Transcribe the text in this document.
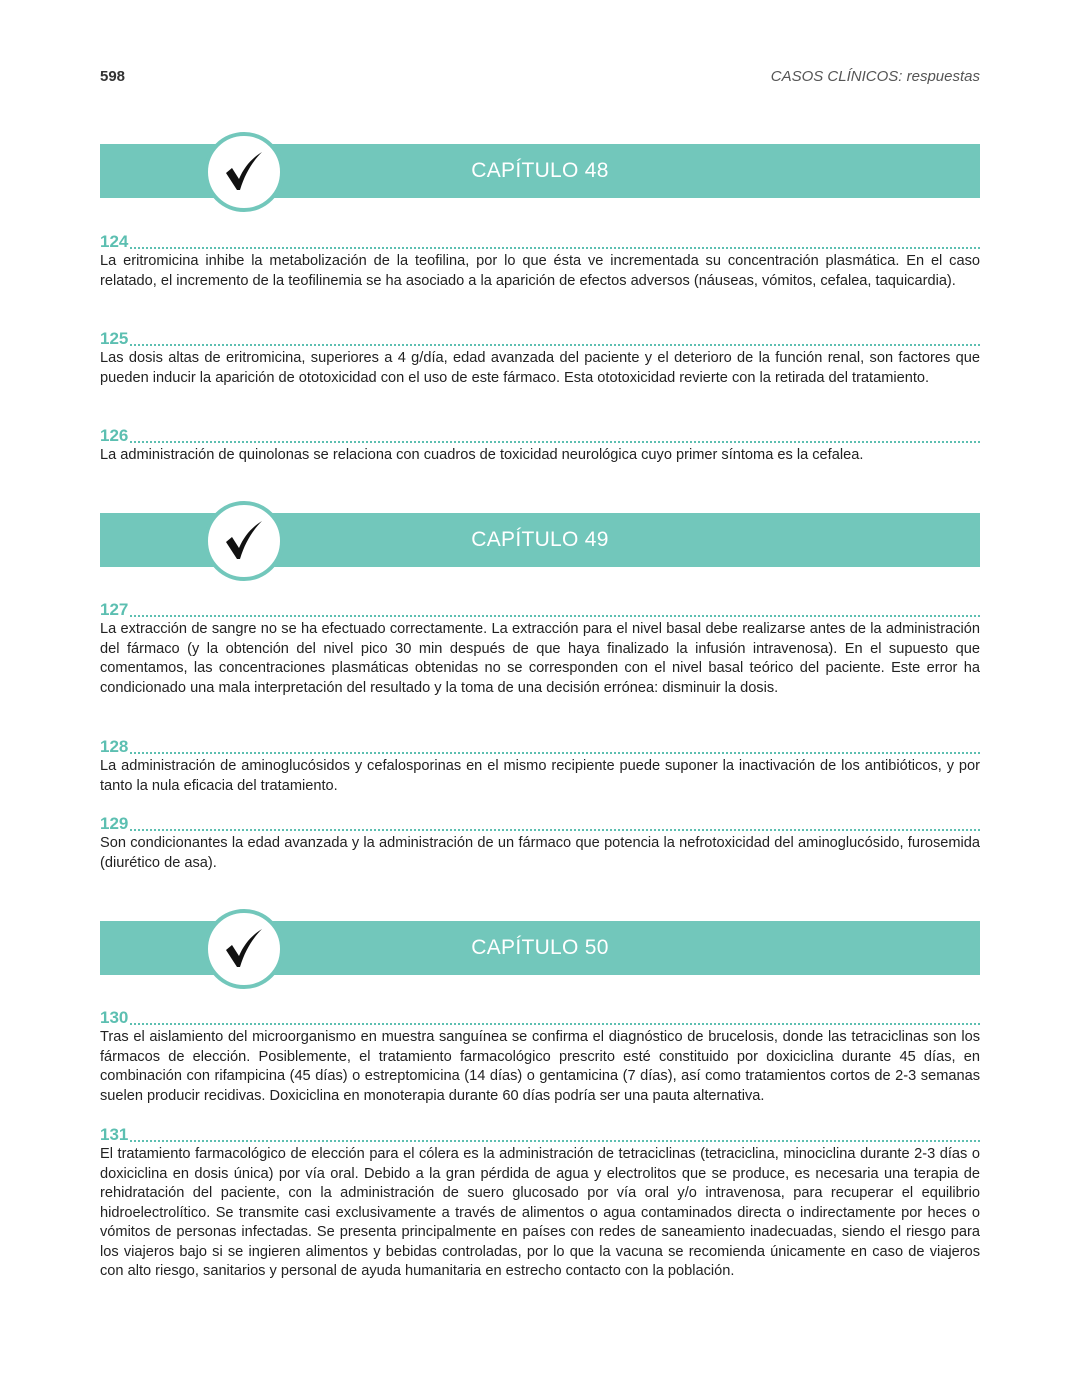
598	CASOS CLÍNICOS: respuestas
CAPÍTULO 48
124

La eritromicina inhibe la metabolización de la teofilina, por lo que ésta ve incrementada su concentración plasmática. En el caso relatado, el incremento de la teofilinemia se ha asociado a la aparición de efectos adversos (náuseas, vómitos, cefalea, taquicardia).

125

Las dosis altas de eritromicina, superiores a 4 g/día, edad avanzada del paciente y el deterioro de la función renal, son factores que pueden inducir la aparición de ototoxicidad con el uso de este fármaco. Esta ototoxicidad revierte con la retirada del tratamiento.

126

La administración de quinolonas se relaciona con cuadros de toxicidad neurológica cuyo primer síntoma es la cefalea.

CAPÍTULO 49
127

La extracción de sangre no se ha efectuado correctamente. La extracción para el nivel basal debe realizarse antes de la administración del fármaco (y la obtención del nivel pico 30 min después de que haya finalizado la infusión intravenosa). En el supuesto que comentamos, las concentraciones plasmáticas obtenidas no se corresponden con el nivel basal teórico del paciente. Este error ha condicionado una mala interpretación del resultado y la toma de una decisión errónea: disminuir la dosis.

128

La administración de aminoglucósidos y cefalosporinas en el mismo recipiente puede suponer la inactivación de los antibióticos, y por tanto la nula eficacia del tratamiento.

129

Son condicionantes la edad avanzada y la administración de un fármaco que potencia la nefrotoxicidad del aminoglucósido, furosemida (diurético de asa).

CAPÍTULO 50
130

Tras el aislamiento del microorganismo en muestra sanguínea se confirma el diagnóstico de brucelosis, donde las tetraciclinas son los fármacos de elección. Posiblemente, el tratamiento farmacológico prescrito esté constituido por doxiciclina durante 45 días, en combinación con rifampicina (45 días) o estreptomicina (14 días) o gentamicina (7 días), así como tratamientos cortos de 2-3 semanas suelen producir recidivas. Doxiciclina en monoterapia durante 60 días podría ser una pauta alternativa.

131

El tratamiento farmacológico de elección para el cólera es la administración de tetraciclinas (tetraciclina, minociclina durante 2-3 días o doxiciclina en dosis única) por vía oral. Debido a la gran pérdida de agua y electrolitos que se produce, es necesaria una terapia de rehidratación del paciente, con la administración de suero glucosado por vía oral y/o intravenosa, para recuperar el equilibrio hidroelectrolítico. Se transmite casi exclusivamente a través de alimentos o agua contaminados directa o indirectamente por heces o vómitos de personas infectadas. Se presenta principalmente en países con redes de saneamiento inadecuadas, siendo el riesgo para los viajeros bajo si se ingieren alimentos y bebidas controladas, por lo que la vacuna se recomienda únicamente en caso de viajeros con alto riesgo, sanitarios y personal de ayuda humanitaria en estrecho contacto con la población.
